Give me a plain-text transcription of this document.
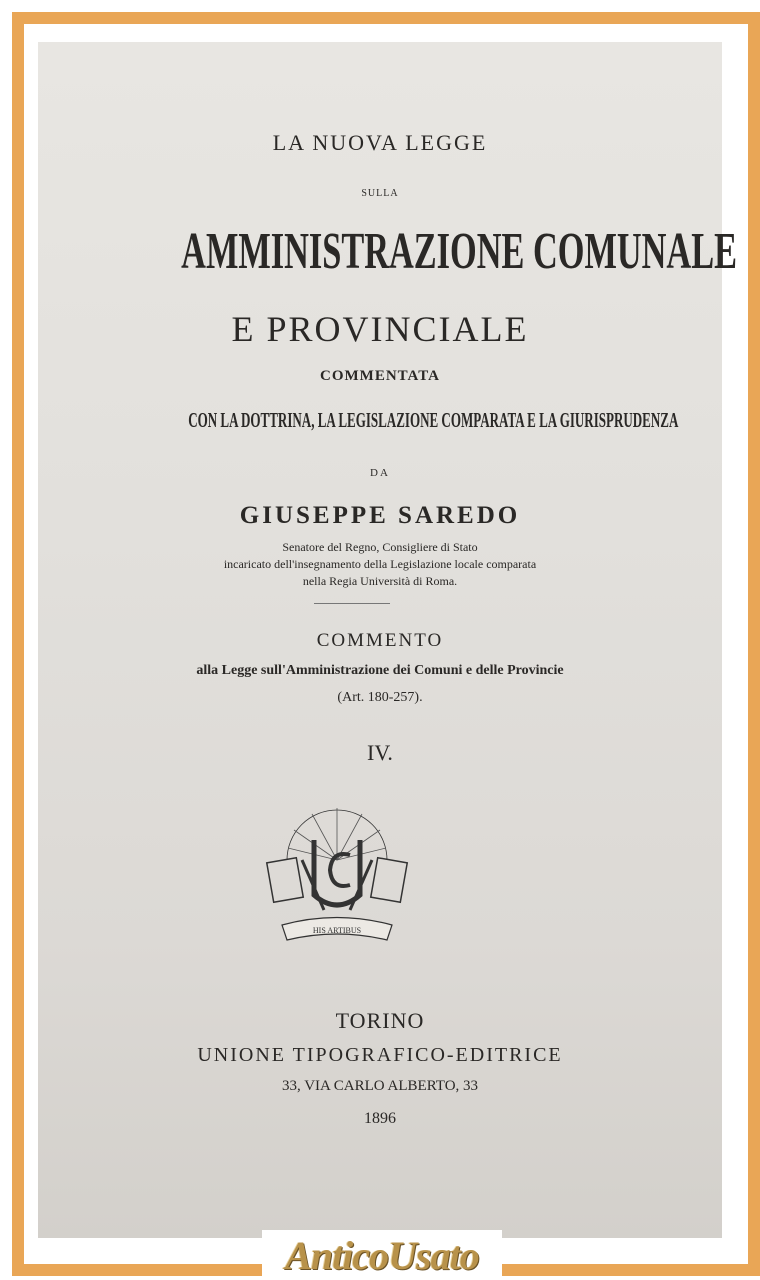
LA NUOVA LEGGE
SULLA
AMMINISTRAZIONE COMUNALE
E PROVINCIALE
COMMENTATA
CON LA DOTTRINA, LA LEGISLAZIONE COMPARATA E LA GIURISPRUDENZA
DA
GIUSEPPE SAREDO
Senatore del Regno, Consigliere di Stato
incaricato dell'insegnamento della Legislazione locale comparata
nella Regia Università di Roma.
COMMENTO
alla Legge sull'Amministrazione dei Comuni e delle Provincie
(Art. 180-257).
IV.
TORINO
UNIONE TIPOGRAFICO-EDITRICE
33, VIA CARLO ALBERTO, 33
1896
HIS ARTIBUS
AnticoUsato
